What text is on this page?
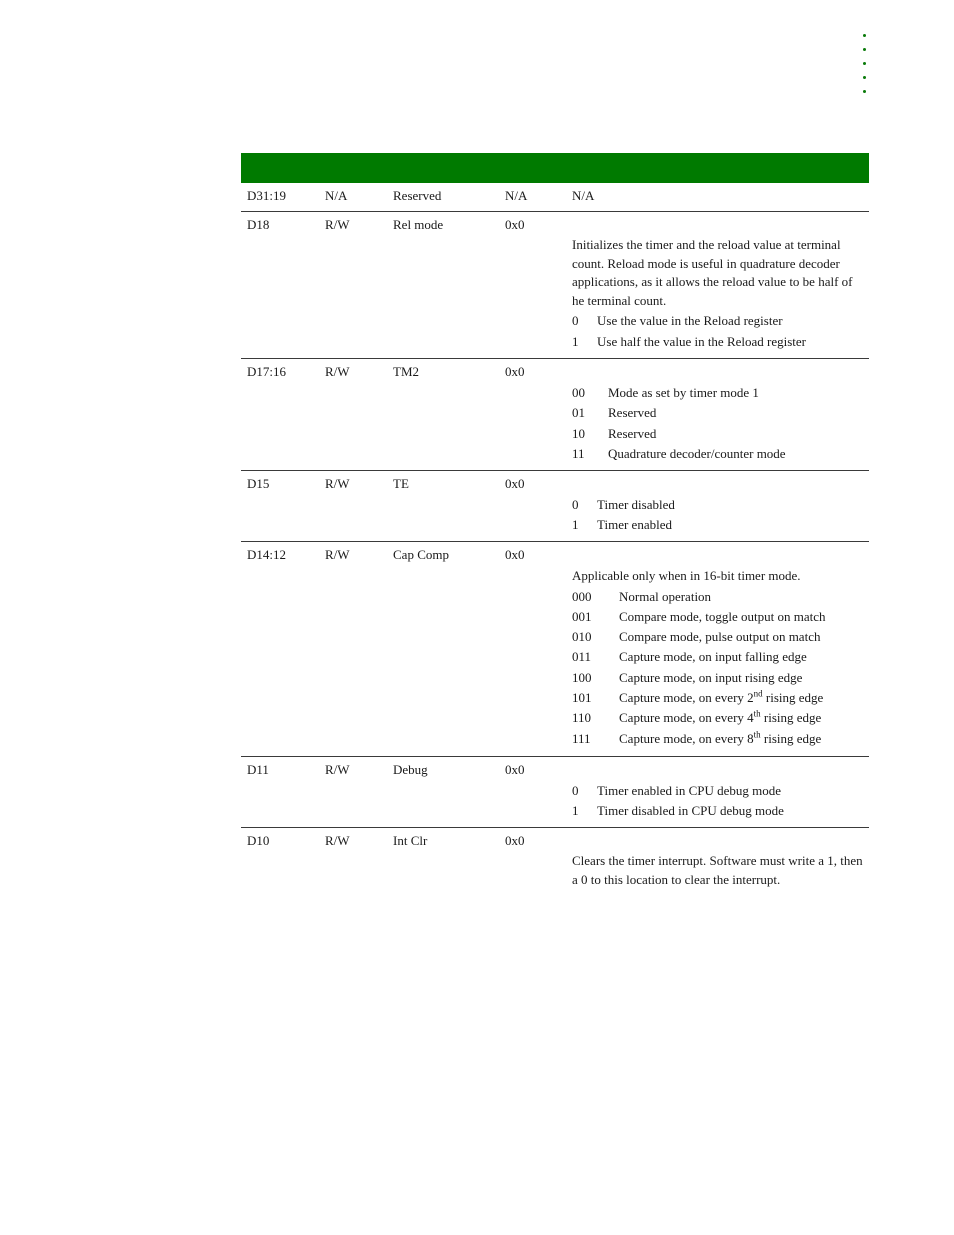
D31:19	N/A	Reserved	N/A	N/A
D18	R/W	Rel mode	0x0
Initializes the timer and the reload value at terminal count. Reload mode is useful in quadrature decoder applications, as it allows the reload value to be half of he terminal count.
0 Use the value in the Reload register
1 Use half the value in the Reload register
D17:16	R/W	TM2	0x0
00 Mode as set by timer mode 1
01 Reserved
10 Reserved
11 Quadrature decoder/counter mode
D15	R/W	TE	0x0
0 Timer disabled
1 Timer enabled
D14:12	R/W	Cap Comp	0x0
Applicable only when in 16-bit timer mode.
000 Normal operation
001 Compare mode, toggle output on match
010 Compare mode, pulse output on match
011 Capture mode, on input falling edge
100 Capture mode, on input rising edge
101 Capture mode, on every 2nd rising edge
110 Capture mode, on every 4th rising edge
111 Capture mode, on every 8th rising edge
D11	R/W	Debug	0x0
0 Timer enabled in CPU debug mode
1 Timer disabled in CPU debug mode
D10	R/W	Int Clr	0x0
Clears the timer interrupt. Software must write a 1, then a 0 to this location to clear the interrupt.
